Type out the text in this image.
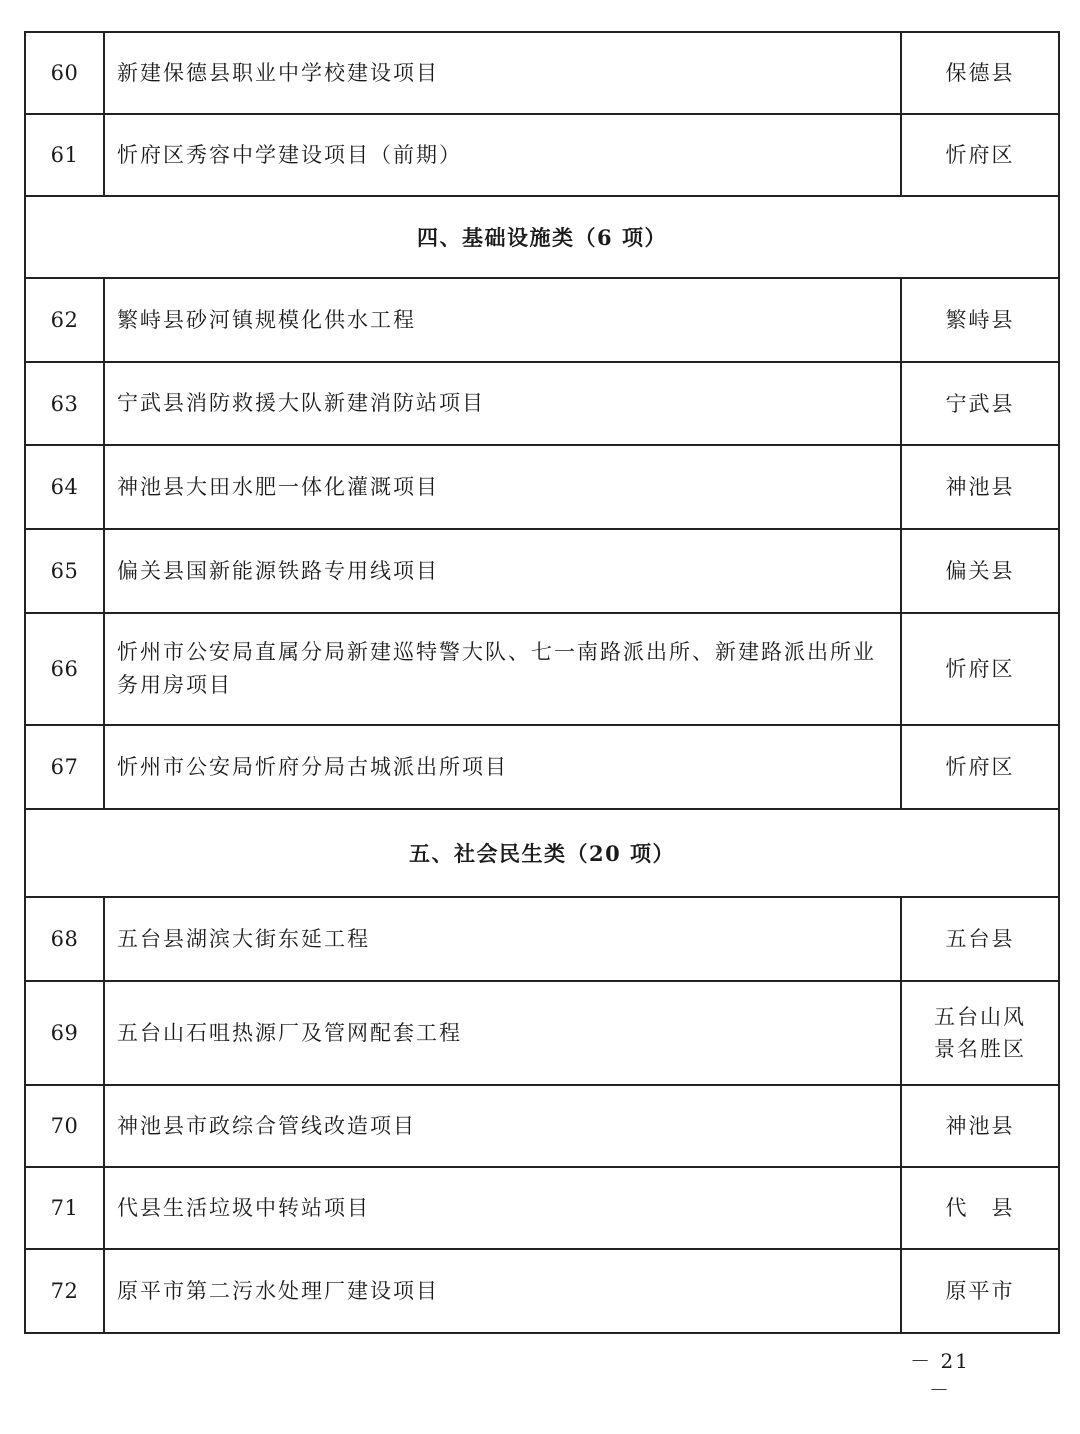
60	新建保德县职业中学校建设项目	保德县
61	忻府区秀容中学建设项目（前期）	忻府区
四、基础设施类（6 项）		
62	繁峙县砂河镇规模化供水工程	繁峙县
63	宁武县消防救援大队新建消防站项目	宁武县
64	神池县大田水肥一体化灌溉项目	神池县
65	偏关县国新能源铁路专用线项目	偏关县
66	忻州市公安局直属分局新建巡特警大队、七一南路派出所、新建路派出所业务用房项目	忻府区
67	忻州市公安局忻府分局古城派出所项目	忻府区
五、社会民生类（20 项）		
68	五台县湖滨大街东延工程	五台县
69	五台山石咀热源厂及管网配套工程	五台山风景名胜区
70	神池县市政综合管线改造项目	神池县
71	代县生活垃圾中转站项目	代　县
72	原平市第二污水处理厂建设项目	原平市
－ 21 －
